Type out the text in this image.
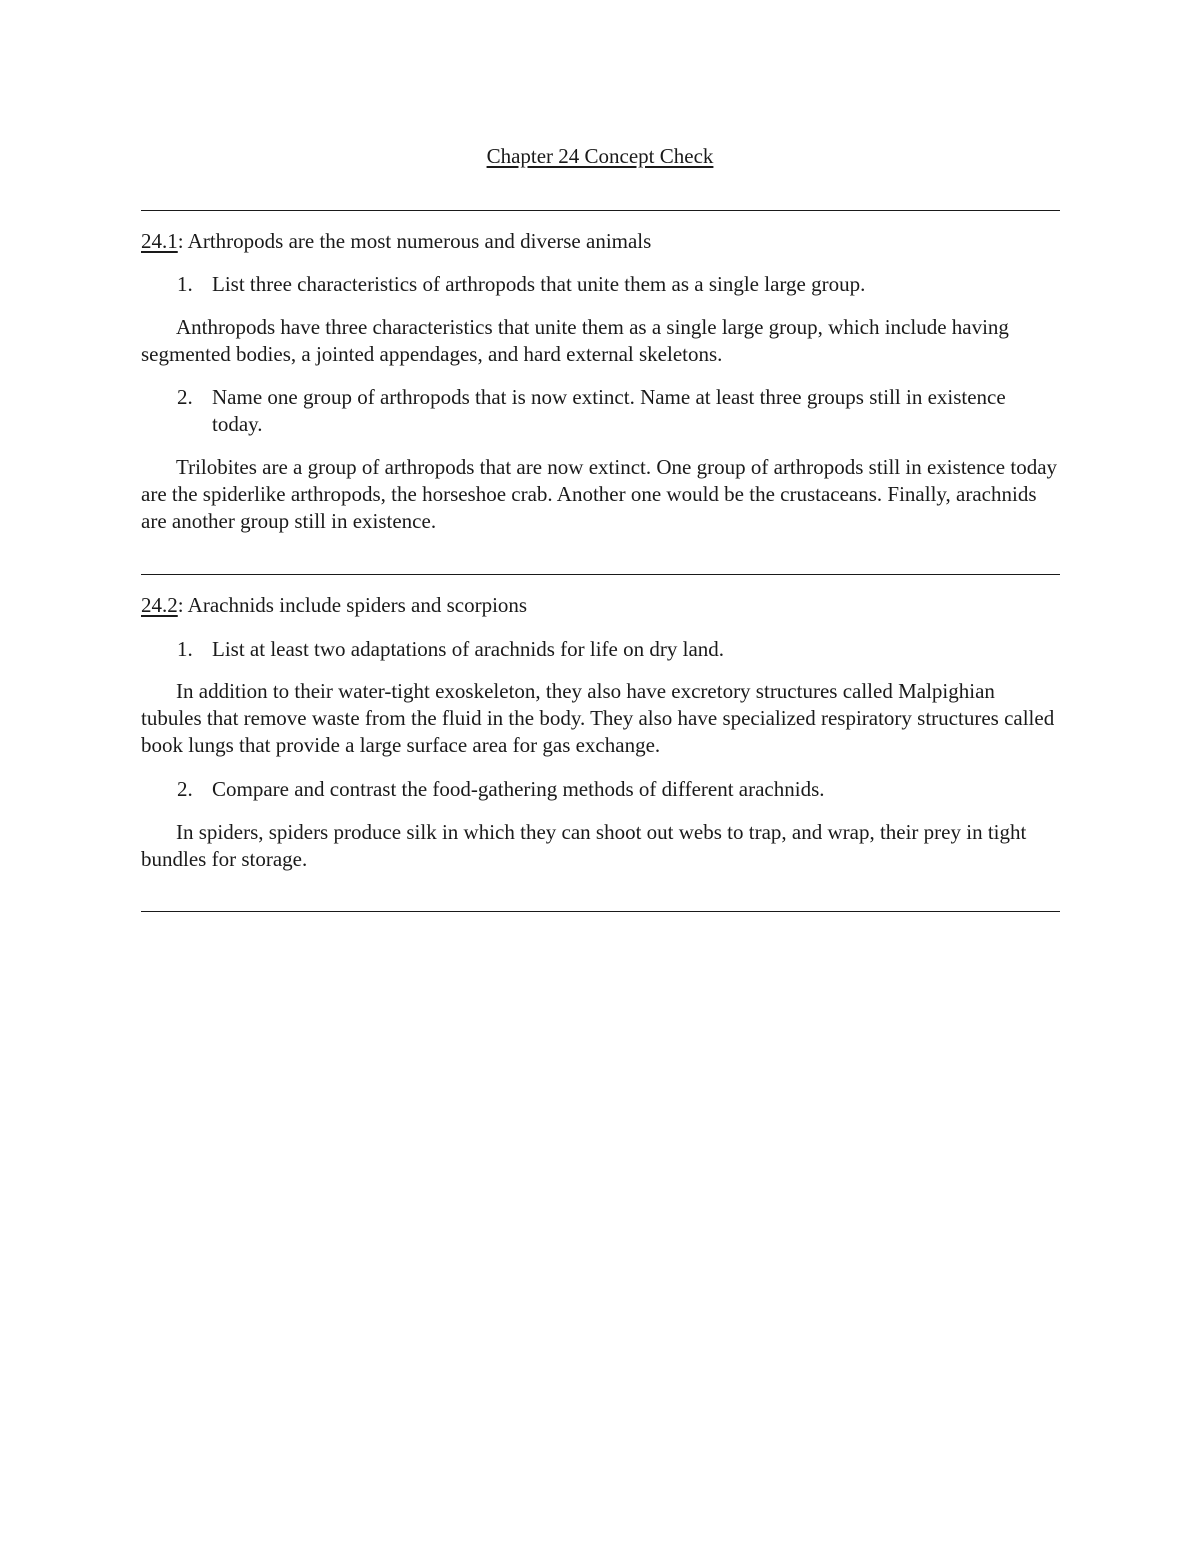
Chapter 24 Concept Check

24.1: Arthropods are the most numerous and diverse animals

1. List three characteristics of arthropods that unite them as a single large group.

Anthropods have three characteristics that unite them as a single large group, which include having segmented bodies, a jointed appendages, and hard external skeletons.

2. Name one group of arthropods that is now extinct. Name at least three groups still in existence today.

Trilobites are a group of arthropods that are now extinct. One group of arthropods still in existence today are the spiderlike arthropods, the horseshoe crab. Another one would be the crustaceans. Finally, arachnids are another group still in existence.

24.2: Arachnids include spiders and scorpions

1. List at least two adaptations of arachnids for life on dry land.

In addition to their water-tight exoskeleton, they also have excretory structures called Malpighian tubules that remove waste from the fluid in the body. They also have specialized respiratory structures called book lungs that provide a large surface area for gas exchange.

2. Compare and contrast the food-gathering methods of different arachnids.

In spiders, spiders produce silk in which they can shoot out webs to trap, and wrap, their prey in tight bundles for storage.
